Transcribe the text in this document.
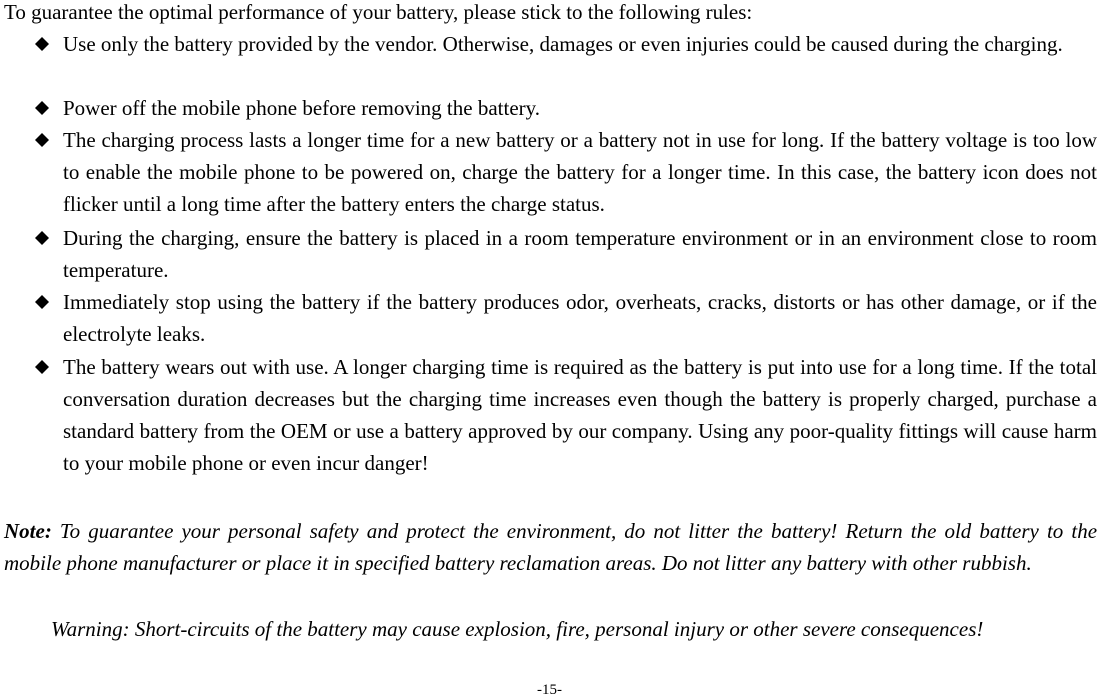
To guarantee the optimal performance of your battery, please stick to the following rules:
Use only the battery provided by the vendor. Otherwise, damages or even injuries could be caused during the charging.
Power off the mobile phone before removing the battery.
The charging process lasts a longer time for a new battery or a battery not in use for long. If the battery voltage is too low to enable the mobile phone to be powered on, charge the battery for a longer time. In this case, the battery icon does not flicker until a long time after the battery enters the charge status.
During the charging, ensure the battery is placed in a room temperature environment or in an environment close to room temperature.
Immediately stop using the battery if the battery produces odor, overheats, cracks, distorts or has other damage, or if the electrolyte leaks.
The battery wears out with use. A longer charging time is required as the battery is put into use for a long time. If the total conversation duration decreases but the charging time increases even though the battery is properly charged, purchase a standard battery from the OEM or use a battery approved by our company. Using any poor-quality fittings will cause harm to your mobile phone or even incur danger!
Note: To guarantee your personal safety and protect the environment, do not litter the battery! Return the old battery to the mobile phone manufacturer or place it in specified battery reclamation areas. Do not litter any battery with other rubbish.
Warning: Short-circuits of the battery may cause explosion, fire, personal injury or other severe consequences!
-15-
